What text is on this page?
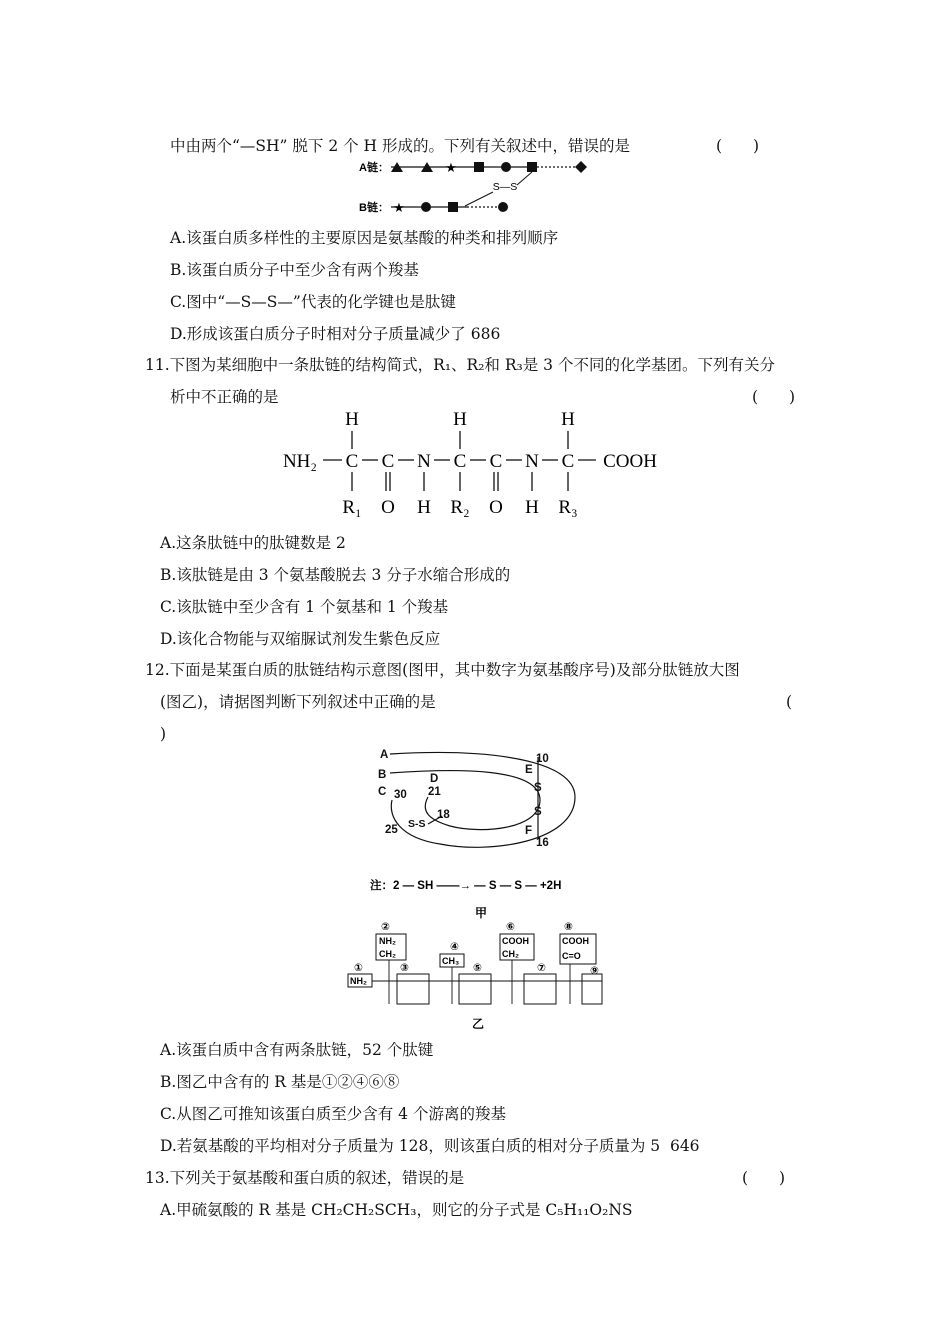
中由两个“—SH” 脱下 2 个 H 形成的。下列有关叙述中，错误的是	(　　)
A链：	★
S—S
B链： ★
A.该蛋白质多样性的主要原因是氨基酸的种类和排列顺序
B.该蛋白质分子中至少含有两个羧基
C.图中“—S—S—”代表的化学键也是肽键
D.形成该蛋白质分子时相对分子质量减少了 686
11.下图为某细胞中一条肽链的结构简式，R₁、R₂和 R₃是 3 个不同的化学基团。下列有关分
析中不正确的是	(　　)
NH₂
H
C
R₁
C
O
N
H
H
C
R₂
C
O
N
H
H
C
R₃
COOH
A.这条肽链中的肽键数是 2
B.该肽链是由 3 个氨基酸脱去 3 分子水缩合形成的
C.该肽链中至少含有 1 个氨基和 1 个羧基
D.该化合物能与双缩脲试剂发生紫色反应
12.下面是某蛋白质的肽链结构示意图(图甲，其中数字为氨基酸序号)及部分肽链放大图
(图乙)，请据图判断下列叙述中正确的是	(
)
A
B
C
D
E
F
10
21
30
18
25
16
S
S
S-S
注：2 — SH ——→ — S — S — +2H
甲
②
④
⑥	⑧
①	③	⑤	⑦	⑨
NH₂
CH₂
CH₃
COOH
CH₂
COOH
C=O
NH₂
乙
A.该蛋白质中含有两条肽链，52 个肽键
B.图乙中含有的 R 基是①②④⑥⑧
C.从图乙可推知该蛋白质至少含有 4 个游离的羧基
D.若氨基酸的平均相对分子质量为 128，则该蛋白质的相对分子质量为 5  646
13.下列关于氨基酸和蛋白质的叙述，错误的是	(　　)
A.甲硫氨酸的 R 基是 CH₂CH₂SCH₃，则它的分子式是 C₅H₁₁O₂NS
